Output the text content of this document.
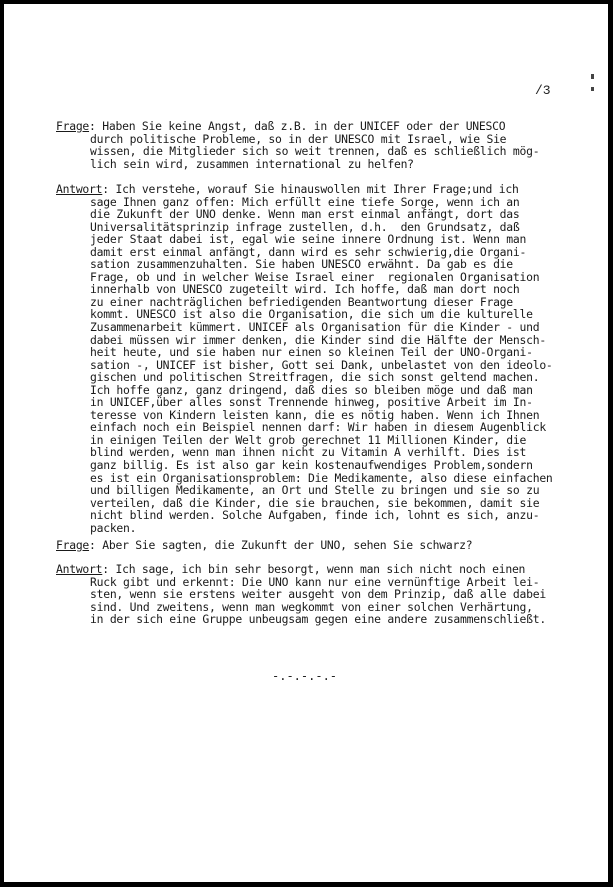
/3
Frage: Haben Sie keine Angst, daß z.B. in der UNICEF oder der UNESCO
durch politische Probleme, so in der UNESCO mit Israel, wie Sie
wissen, die Mitglieder sich so weit trennen, daß es schließlich mög-
lich sein wird, zusammen international zu helfen?
Antwort: Ich verstehe, worauf Sie hinauswollen mit Ihrer Frage;und ich
sage Ihnen ganz offen: Mich erfüllt eine tiefe Sorge, wenn ich an
die Zukunft der UNO denke. Wenn man erst einmal anfängt, dort das
Universalitätsprinzip infrage zustellen, d.h.  den Grundsatz, daß
jeder Staat dabei ist, egal wie seine innere Ordnung ist. Wenn man
damit erst einmal anfängt, dann wird es sehr schwierig,die Organi-
sation zusammenzuhalten. Sie haben UNESCO erwähnt. Da gab es die
Frage, ob und in welcher Weise Israel einer  regionalen Organisation
innerhalb von UNESCO zugeteilt wird. Ich hoffe, daß man dort noch
zu einer nachträglichen befriedigenden Beantwortung dieser Frage
kommt. UNESCO ist also die Organisation, die sich um die kulturelle
Zusammenarbeit kümmert. UNICEF als Organisation für die Kinder - und
dabei müssen wir immer denken, die Kinder sind die Hälfte der Mensch-
heit heute, und sie haben nur einen so kleinen Teil der UNO-Organi-
sation -, UNICEF ist bisher, Gott sei Dank, unbelastet von den ideolo-
gischen und politischen Streitfragen, die sich sonst geltend machen.
Ich hoffe ganz, ganz dringend, daß dies so bleiben möge und daß man
in UNICEF,über alles sonst Trennende hinweg, positive Arbeit im In-
teresse von Kindern leisten kann, die es nötig haben. Wenn ich Ihnen
einfach noch ein Beispiel nennen darf: Wir haben in diesem Augenblick
in einigen Teilen der Welt grob gerechnet 11 Millionen Kinder, die
blind werden, wenn man ihnen nicht zu Vitamin A verhilft. Dies ist
ganz billig. Es ist also gar kein kostenaufwendiges Problem,sondern
es ist ein Organisationsproblem: Die Medikamente, also diese einfachen
und billigen Medikamente, an Ort und Stelle zu bringen und sie so zu
verteilen, daß die Kinder, die sie brauchen, sie bekommen, damit sie
nicht blind werden. Solche Aufgaben, finde ich, lohnt es sich, anzu-
packen.
Frage: Aber Sie sagten, die Zukunft der UNO, sehen Sie schwarz?
Antwort: Ich sage, ich bin sehr besorgt, wenn man sich nicht noch einen
Ruck gibt und erkennt: Die UNO kann nur eine vernünftige Arbeit lei-
sten, wenn sie erstens weiter ausgeht von dem Prinzip, daß alle dabei
sind. Und zweitens, wenn man wegkommt von einer solchen Verhärtung,
in der sich eine Gruppe unbeugsam gegen eine andere zusammenschließt.
-.-.-.-.-
